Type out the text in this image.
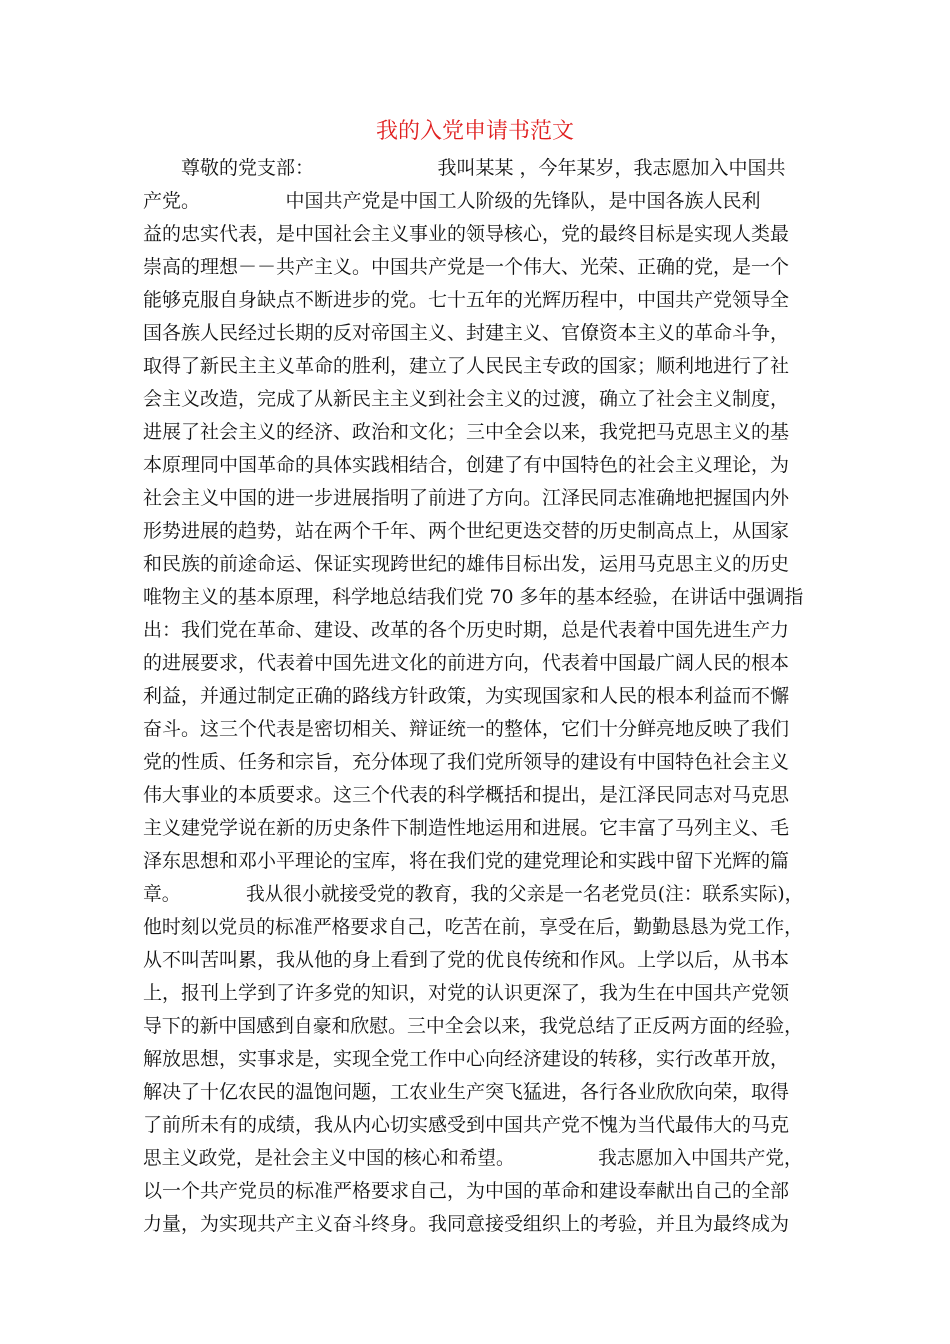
我的入党申请书范文
　　尊敬的党支部：　　　　　　　我叫某某 ，今年某岁，我志愿加入中国共
产党。　　　　　中国共产党是中国工人阶级的先锋队，是中国各族人民利
益的忠实代表，是中国社会主义事业的领导核心，党的最终目标是实现人类最
崇高的理想－－共产主义。中国共产党是一个伟大、光荣、正确的党，是一个
能够克服自身缺点不断进步的党。七十五年的光辉历程中，中国共产党领导全
国各族人民经过长期的反对帝国主义、封建主义、官僚资本主义的革命斗争，
取得了新民主主义革命的胜利，建立了人民民主专政的国家；顺利地进行了社
会主义改造，完成了从新民主主义到社会主义的过渡，确立了社会主义制度，
进展了社会主义的经济、政治和文化；三中全会以来，我党把马克思主义的基
本原理同中国革命的具体实践相结合，创建了有中国特色的社会主义理论，为
社会主义中国的进一步进展指明了前进了方向。江泽民同志准确地把握国内外
形势进展的趋势，站在两个千年、两个世纪更迭交替的历史制高点上，从国家
和民族的前途命运、保证实现跨世纪的雄伟目标出发，运用马克思主义的历史
唯物主义的基本原理，科学地总结我们党 70 多年的基本经验，在讲话中强调指
出：我们党在革命、建设、改革的各个历史时期，总是代表着中国先进生产力
的进展要求，代表着中国先进文化的前进方向，代表着中国最广阔人民的根本
利益，并通过制定正确的路线方针政策，为实现国家和人民的根本利益而不懈
奋斗。这三个代表是密切相关、辩证统一的整体，它们十分鲜亮地反映了我们
党的性质、任务和宗旨，充分体现了我们党所领导的建设有中国特色社会主义
伟大事业的本质要求。这三个代表的科学概括和提出，是江泽民同志对马克思
主义建党学说在新的历史条件下制造性地运用和进展。它丰富了马列主义、毛
泽东思想和邓小平理论的宝库，将在我们党的建党理论和实践中留下光辉的篇
章。　　　　我从很小就接受党的教育，我的父亲是一名老党员(注：联系实际)，
他时刻以党员的标准严格要求自己，吃苦在前，享受在后，勤勤恳恳为党工作，
从不叫苦叫累，我从他的身上看到了党的优良传统和作风。上学以后，从书本
上，报刊上学到了许多党的知识，对党的认识更深了，我为生在中国共产党领
导下的新中国感到自豪和欣慰。三中全会以来，我党总结了正反两方面的经验，
解放思想，实事求是，实现全党工作中心向经济建设的转移，实行改革开放，
解决了十亿农民的温饱问题，工农业生产突飞猛进，各行各业欣欣向荣，取得
了前所未有的成绩，我从内心切实感受到中国共产党不愧为当代最伟大的马克
思主义政党，是社会主义中国的核心和希望。　　　　　我志愿加入中国共产党，
以一个共产党员的标准严格要求自己，为中国的革命和建设奉献出自己的全部
力量，为实现共产主义奋斗终身。我同意接受组织上的考验，并且为最终成为
